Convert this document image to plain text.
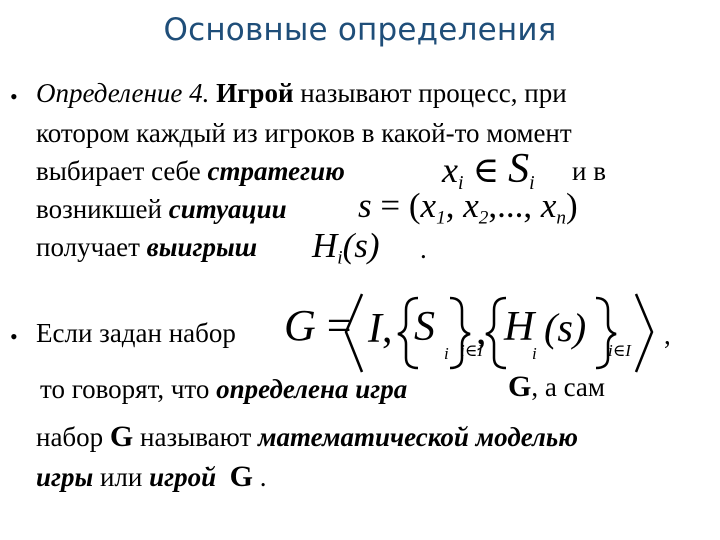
Основные определения
• Определение 4. Игрой называют процесс, при
котором каждый из игроков в какой-то момент
выбирает себе стратегию	$x_i$ ∈ $S_i$ и в
возникшей ситуации $s = (x_1$, $x_2$,..., $x_n$)
получает выигрыш $H_i(s)$ .
• Если задан набор G = I, S
i i∈I
, H
i
(s)
i∈I
,
то говорят, что определена игра	G, а сам
набор G называют математической моделью
игры или игрой G .
